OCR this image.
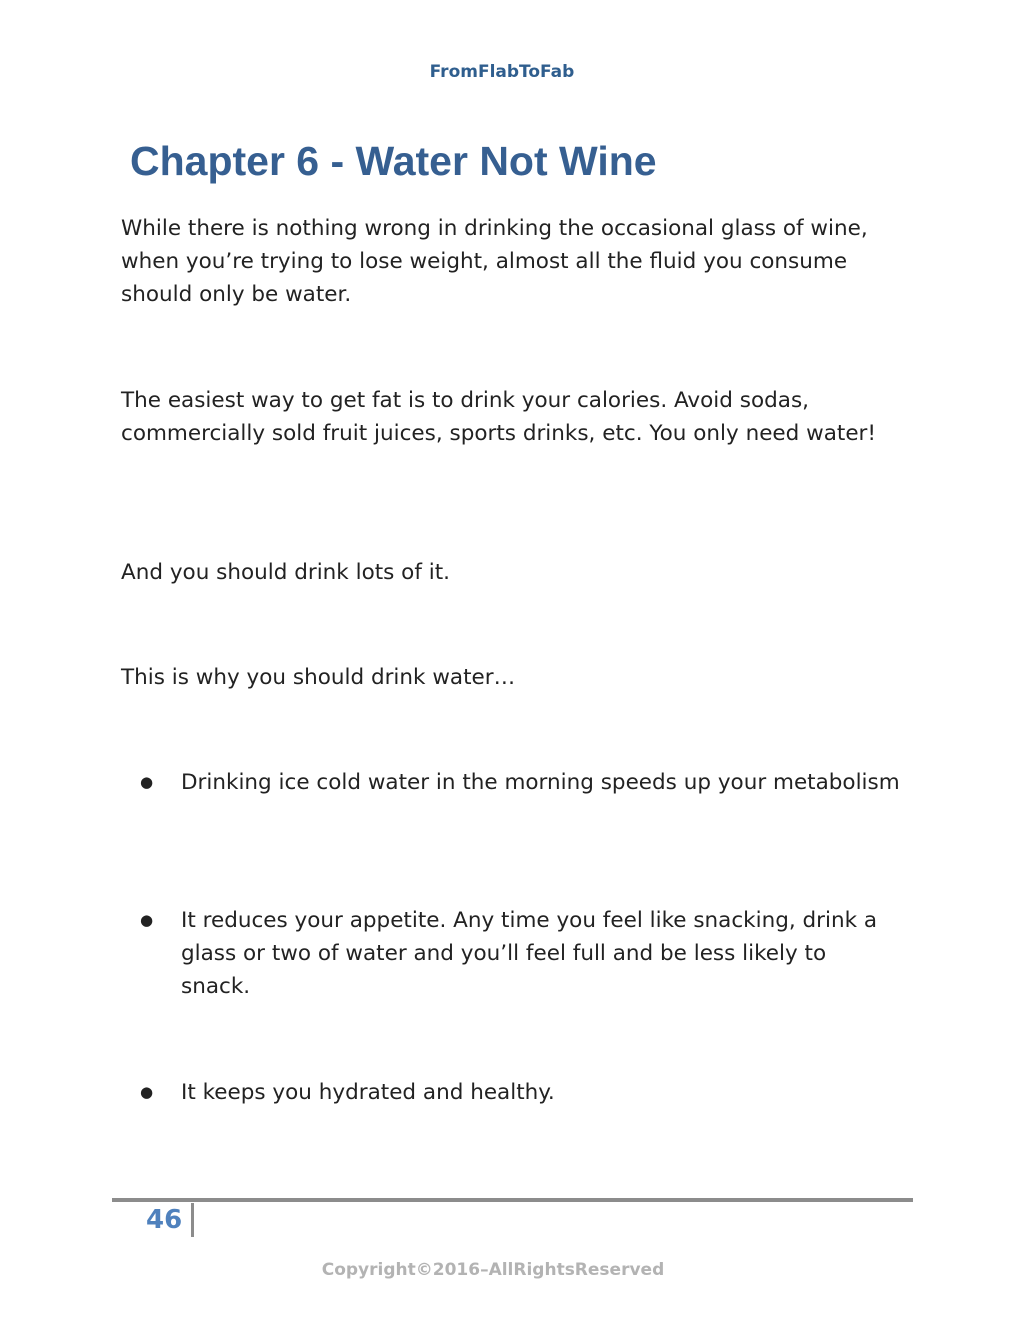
FromFlabToFab
Chapter 6 - Water Not Wine

While there is nothing wrong in drinking the occasional glass of wine, when you’re trying to lose weight, almost all the fluid you consume should only be water.

The easiest way to get fat is to drink your calories. Avoid sodas, commercially sold fruit juices, sports drinks, etc. You only need water!

And you should drink lots of it.

This is why you should drink water…

●	Drinking ice cold water in the morning speeds up your metabolism
●	It reduces your appetite. Any time you feel like snacking, drink a glass or two of water and you’ll feel full and be less likely to snack.
●	It keeps you hydrated and healthy.
46
Copyright©2016–AllRightsReserved
